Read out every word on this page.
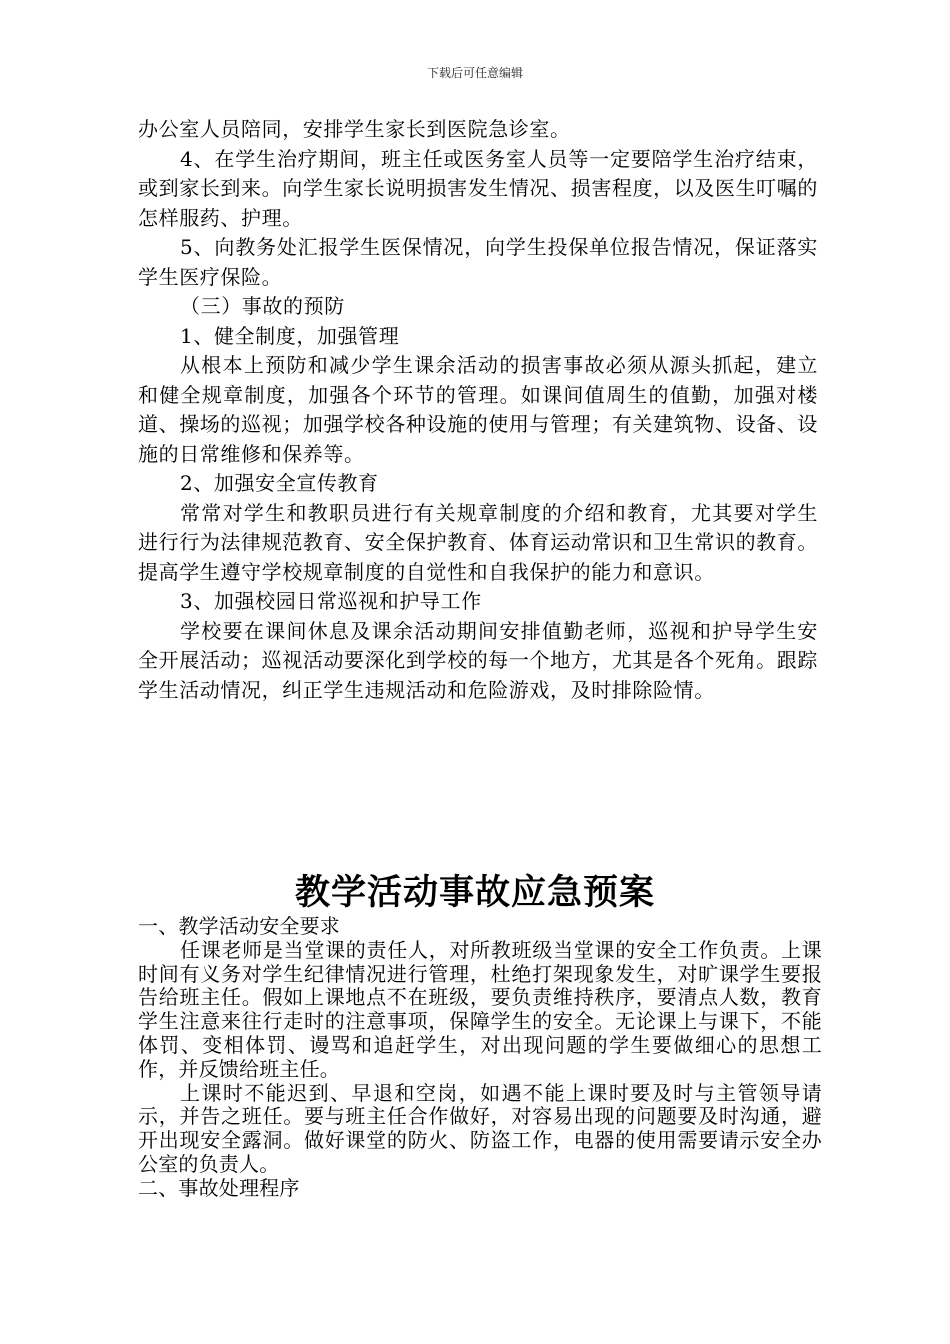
下载后可任意编辑

办公室人员陪同，安排学生家长到医院急诊室。

4、在学生治疗期间，班主任或医务室人员等一定要陪学生治疗结束，或到家长到来。向学生家长说明损害发生情况、损害程度，以及医生叮嘱的怎样服药、护理。

5、向教务处汇报学生医保情况，向学生投保单位报告情况，保证落实学生医疗保险。

（三）事故的预防

1、健全制度，加强管理

从根本上预防和减少学生课余活动的损害事故必须从源头抓起，建立和健全规章制度，加强各个环节的管理。如课间值周生的值勤，加强对楼道、操场的巡视；加强学校各种设施的使用与管理；有关建筑物、设备、设施的日常维修和保养等。

2、加强安全宣传教育

常常对学生和教职员进行有关规章制度的介绍和教育，尤其要对学生进行行为法律规范教育、安全保护教育、体育运动常识和卫生常识的教育。提高学生遵守学校规章制度的自觉性和自我保护的能力和意识。

3、加强校园日常巡视和护导工作

学校要在课间休息及课余活动期间安排值勤老师，巡视和护导学生安全开展活动；巡视活动要深化到学校的每一个地方，尤其是各个死角。跟踪学生活动情况，纠正学生违规活动和危险游戏，及时排除险情。

教学活动事故应急预案

一、教学活动安全要求

任课老师是当堂课的责任人，对所教班级当堂课的安全工作负责。上课时间有义务对学生纪律情况进行管理，杜绝打架现象发生，对旷课学生要报告给班主任。假如上课地点不在班级，要负责维持秩序，要清点人数，教育学生注意来往行走时的注意事项，保障学生的安全。无论课上与课下，不能体罚、变相体罚、谩骂和追赶学生，对出现问题的学生要做细心的思想工作，并反馈给班主任。

上课时不能迟到、早退和空岗，如遇不能上课时要及时与主管领导请示，并告之班任。要与班主任合作做好，对容易出现的问题要及时沟通，避开出现安全露洞。做好课堂的防火、防盗工作，电器的使用需要请示安全办公室的负责人。

二、事故处理程序
